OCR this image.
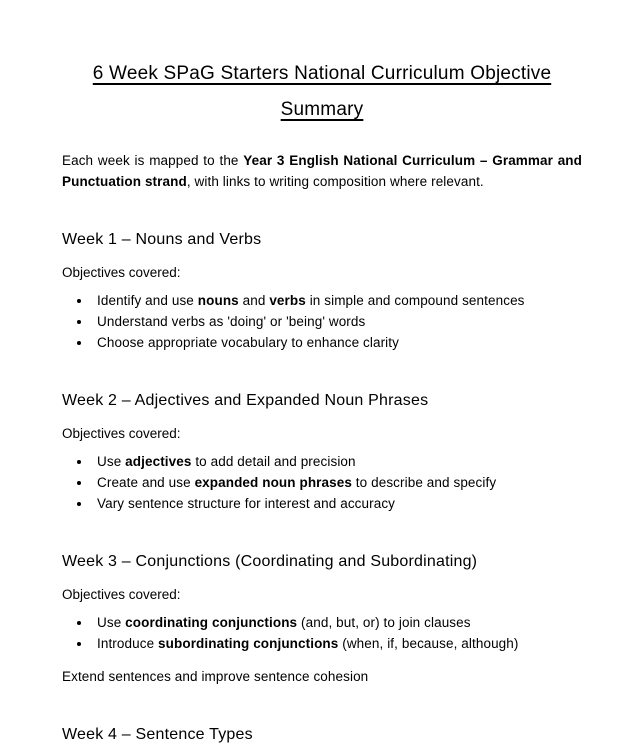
6 Week SPaG Starters National Curriculum Objective Summary

Each week is mapped to the Year 3 English National Curriculum – Grammar and Punctuation strand, with links to writing composition where relevant.

Week 1 – Nouns and Verbs

Objectives covered:

• Identify and use nouns and verbs in simple and compound sentences
• Understand verbs as 'doing' or 'being' words
• Choose appropriate vocabulary to enhance clarity
Week 2 – Adjectives and Expanded Noun Phrases

Objectives covered:

• Use adjectives to add detail and precision
• Create and use expanded noun phrases to describe and specify
• Vary sentence structure for interest and accuracy
Week 3 – Conjunctions (Coordinating and Subordinating)

Objectives covered:

• Use coordinating conjunctions (and, but, or) to join clauses
• Introduce subordinating conjunctions (when, if, because, although)

Extend sentences and improve sentence cohesion

Week 4 – Sentence Types
